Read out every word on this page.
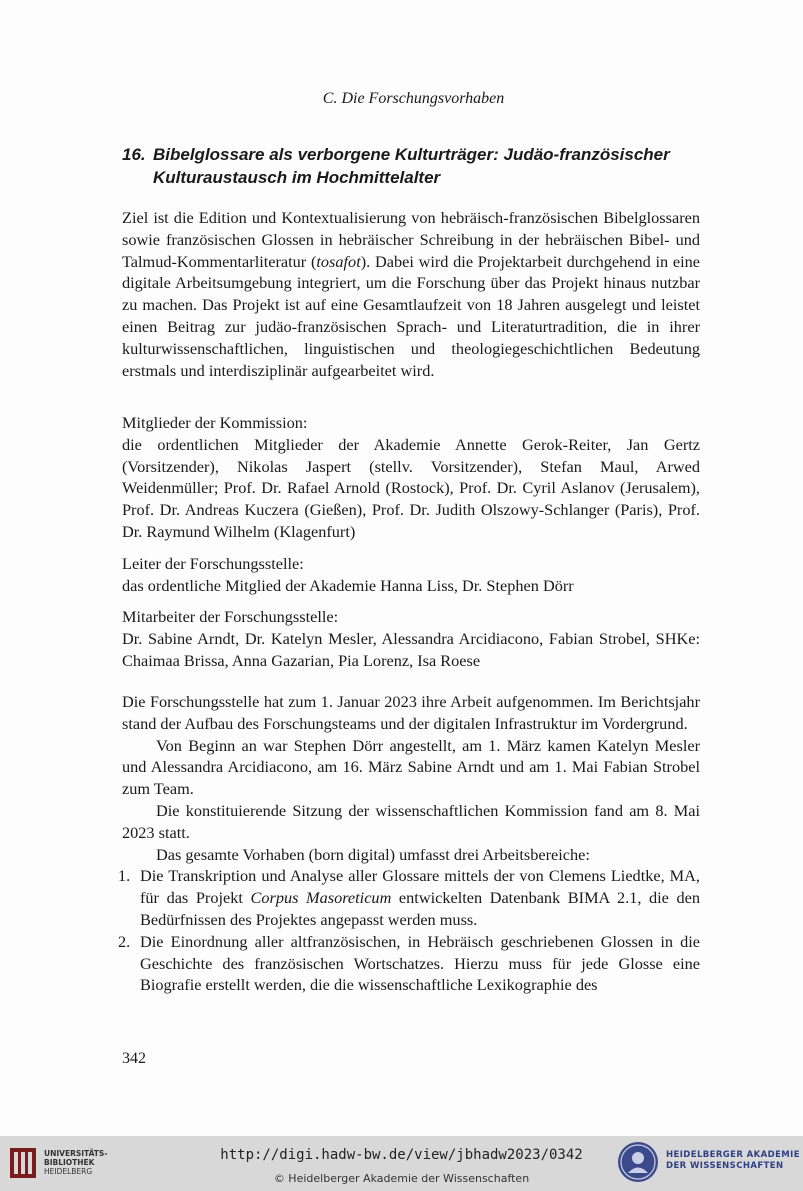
C. Die Forschungsvorhaben
16. Bibelglossare als verborgene Kulturträger: Judäo-französischer Kulturaustausch im Hochmittelalter

Ziel ist die Edition und Kontextualisierung von hebräisch-französischen Bibelglossaren sowie französischen Glossen in hebräischer Schreibung in der hebräischen Bibel- und Talmud-Kommentarliteratur (tosafot). Dabei wird die Projektarbeit durchgehend in eine digitale Arbeitsumgebung integriert, um die Forschung über das Projekt hinaus nutzbar zu machen. Das Projekt ist auf eine Gesamtlaufzeit von 18 Jahren ausgelegt und leistet einen Beitrag zur judäo-französischen Sprach- und Literaturtradition, die in ihrer kulturwissenschaftlichen, linguistischen und theologiegeschichtlichen Bedeutung erstmals und interdisziplinär aufgearbeitet wird.

Mitglieder der Kommission:

die ordentlichen Mitglieder der Akademie Annette Gerok-Reiter, Jan Gertz (Vorsitzender), Nikolas Jaspert (stellv. Vorsitzender), Stefan Maul, Arwed Weidenmüller; Prof. Dr. Rafael Arnold (Rostock), Prof. Dr. Cyril Aslanov (Jerusalem), Prof. Dr. Andreas Kuczera (Gießen), Prof. Dr. Judith Olszowy-Schlanger (Paris), Prof. Dr. Raymund Wilhelm (Klagenfurt)

Leiter der Forschungsstelle:

das ordentliche Mitglied der Akademie Hanna Liss, Dr. Stephen Dörr

Mitarbeiter der Forschungsstelle:

Dr. Sabine Arndt, Dr. Katelyn Mesler, Alessandra Arcidiacono, Fabian Strobel, SHKe: Chaimaa Brissa, Anna Gazarian, Pia Lorenz, Isa Roese

Die Forschungsstelle hat zum 1. Januar 2023 ihre Arbeit aufgenommen. Im Berichtsjahr stand der Aufbau des Forschungsteams und der digitalen Infrastruktur im Vordergrund.

Von Beginn an war Stephen Dörr angestellt, am 1. März kamen Katelyn Mesler und Alessandra Arcidiacono, am 16. März Sabine Arndt und am 1. Mai Fabian Strobel zum Team.

Die konstituierende Sitzung der wissenschaftlichen Kommission fand am 8. Mai 2023 statt.

Das gesamte Vorhaben (born digital) umfasst drei Arbeitsbereiche:

1. Die Transkription und Analyse aller Glossare mittels der von Clemens Liedtke, MA, für das Projekt Corpus Masoreticum entwickelten Datenbank BIMA 2.1, die den Bedürfnissen des Projektes angepasst werden muss.
2. Die Einordnung aller altfranzösischen, in Hebräisch geschriebenen Glossen in die Geschichte des französischen Wortschatzes. Hierzu muss für jede Glosse eine Biografie erstellt werden, die die wissenschaftliche Lexikographie des
342
UNIVERSITÄTS-
BIBLIOTHEK
HEIDELBERG
http://digi.hadw-bw.de/view/jbhadw2023/0342
© Heidelberger Akademie der Wissenschaften
HEIDELBERGER AKADEMIE
DER WISSENSCHAFTEN
